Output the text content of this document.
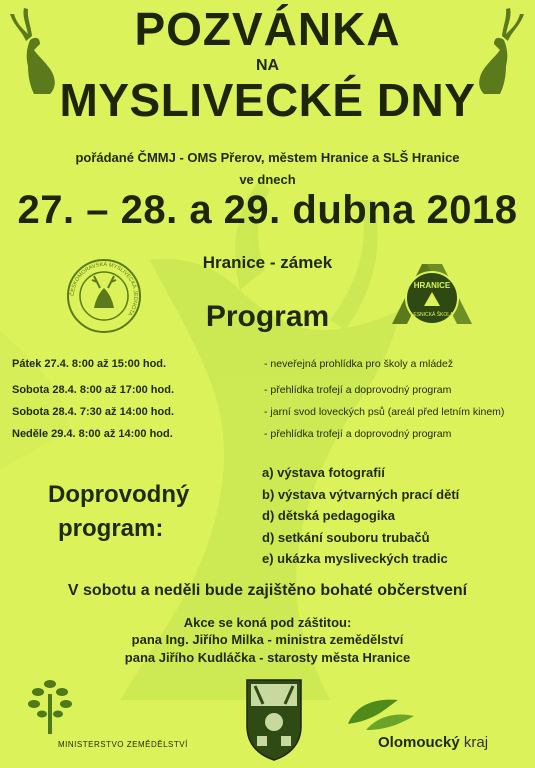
POZVÁNKA
NA
MYSLIVECKÉ DNY
pořádané ČMMJ - OMS Přerov, městem Hranice a SLŠ Hranice
ve dnech
27. – 28. a 29. dubna 2018
ČESKOMORAVSKÁ MYSLIVECKÁ JEDNOTA
Hranice - zámek
HRANICE
LESNICKÁ ŠKOLA
Program
Pátek 27.4. 8:00 až 15:00 hod.	- neveřejná prohlídka pro školy a mládež
Sobota 28.4. 8:00 až 17:00 hod.	- přehlídka trofejí a doprovodný program
Sobota 28.4. 7:30 až 14:00 hod.	- jarní svod loveckých psů (areál před letním kinem)
Neděle 29.4. 8:00 až 14:00 hod.	- přehlídka trofejí a doprovodný program
Doprovodný
program:
a) výstava fotografií
b) výstava výtvarných prací dětí
d) dětská pedagogika
d) setkání souboru trubačů
e) ukázka mysliveckých tradic
V sobotu a neděli bude zajištěno bohaté občerstvení
Akce se koná pod záštitou:
pana Ing. Jiřího Milka - ministra zemědělství
pana Jiřího Kudláčka - starosty města Hranice
MINISTERSTVO ZEMĚDĚLSTVÍ	Olomoucký kraj
